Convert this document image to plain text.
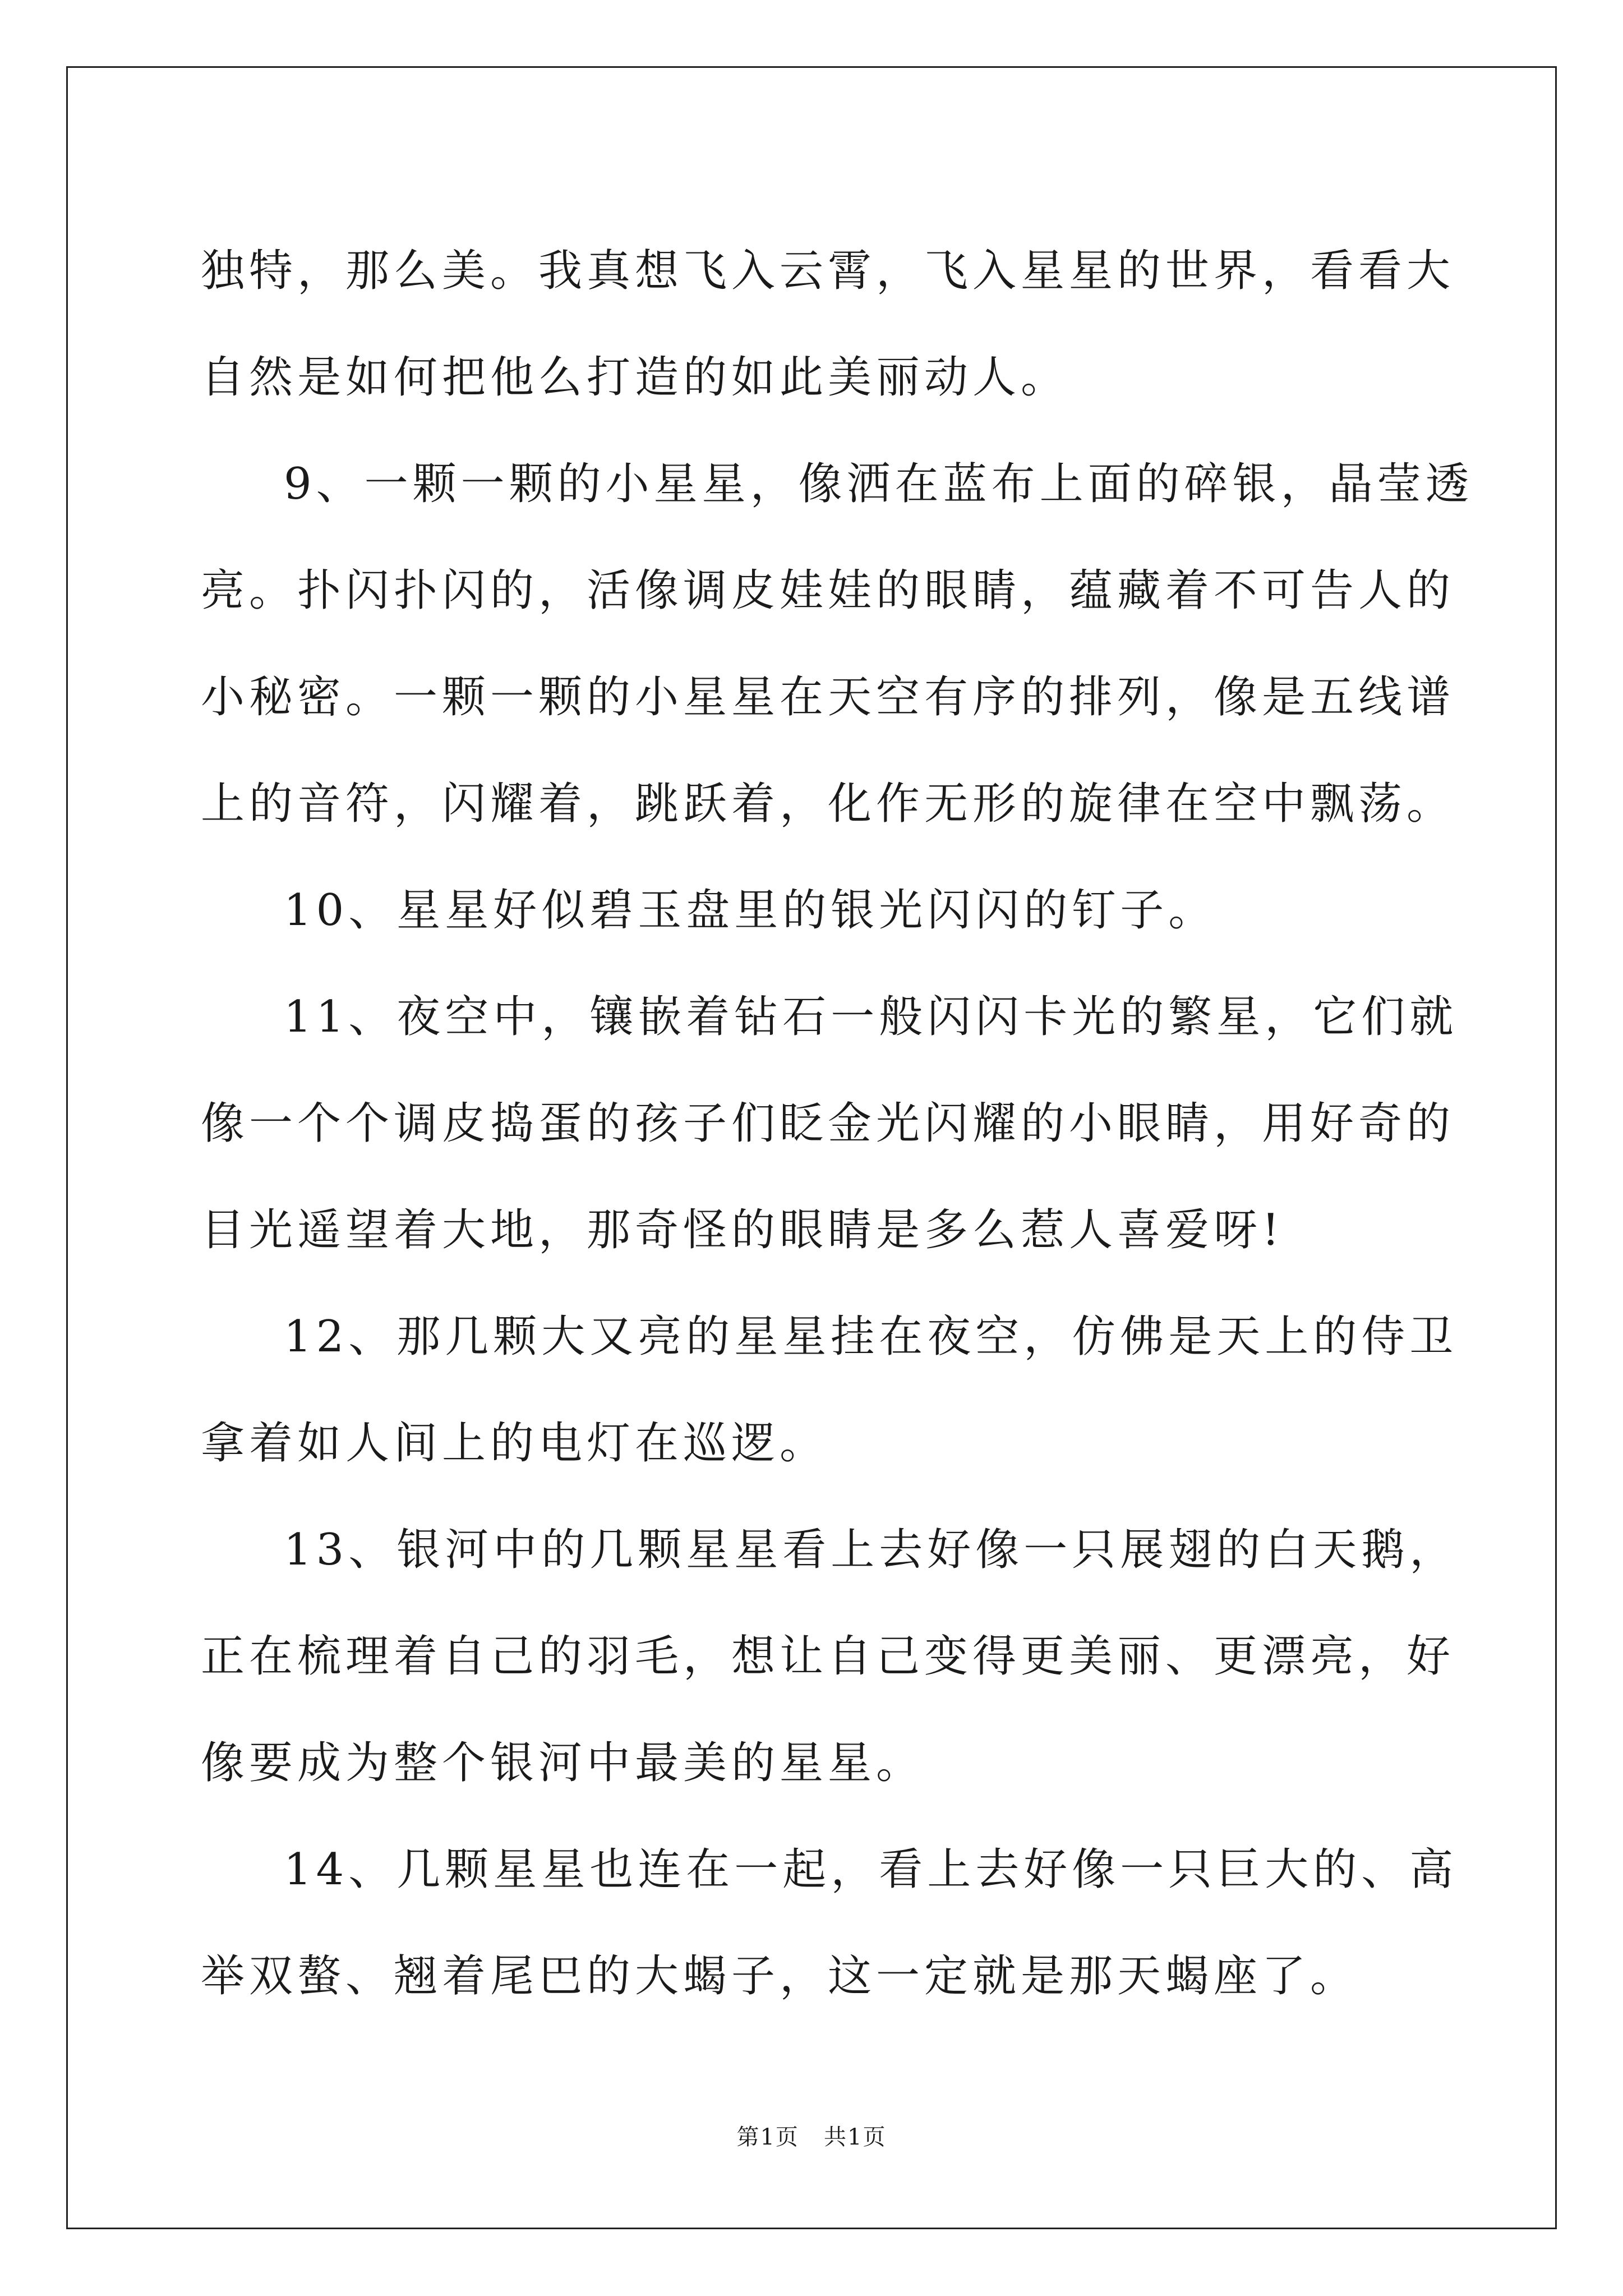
独特，那么美。我真想飞入云霄，飞入星星的世界，看看大自然是如何把他么打造的如此美丽动人。

9、一颗一颗的小星星，像洒在蓝布上面的碎银，晶莹透亮。扑闪扑闪的，活像调皮娃娃的眼睛，蕴藏着不可告人的小秘密。一颗一颗的小星星在天空有序的排列，像是五线谱上的音符，闪耀着，跳跃着，化作无形的旋律在空中飘荡。

10、星星好似碧玉盘里的银光闪闪的钉子。

11、夜空中，镶嵌着钻石一般闪闪卡光的繁星，它们就像一个个调皮捣蛋的孩子们眨金光闪耀的小眼睛，用好奇的目光遥望着大地，那奇怪的眼睛是多么惹人喜爱呀!

12、那几颗大又亮的星星挂在夜空，仿佛是天上的侍卫拿着如人间上的电灯在巡逻。

13、银河中的几颗星星看上去好像一只展翅的白天鹅，正在梳理着自己的羽毛，想让自己变得更美丽、更漂亮，好像要成为整个银河中最美的星星。

14、几颗星星也连在一起，看上去好像一只巨大的、高举双螯、翘着尾巴的大蝎子，这一定就是那天蝎座了。

第1页   共1页
